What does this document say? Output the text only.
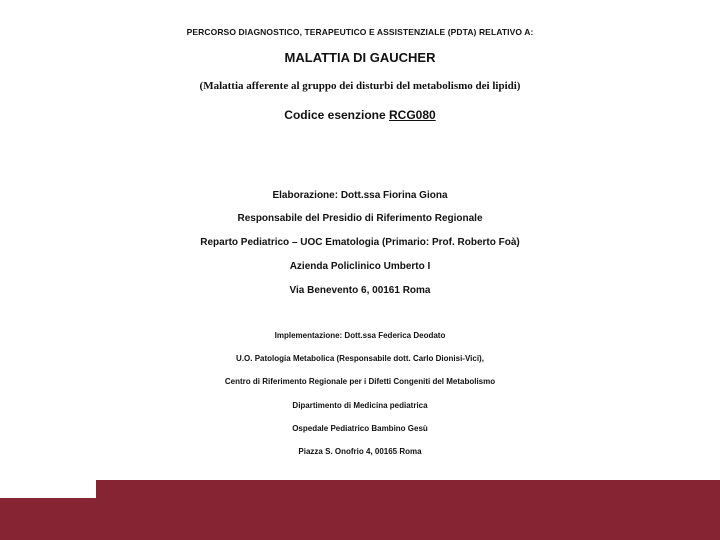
PERCORSO DIAGNOSTICO, TERAPEUTICO E ASSISTENZIALE (PDTA) RELATIVO A:
MALATTIA DI GAUCHER
(Malattia afferente al gruppo dei disturbi del metabolismo dei lipidi)
Codice esenzione RCG080
Elaborazione: Dott.ssa Fiorina Giona
Responsabile del Presidio di Riferimento Regionale
Reparto Pediatrico – UOC Ematologia (Primario: Prof. Roberto Foà)
Azienda Policlinico Umberto I
Via Benevento 6, 00161 Roma
Implementazione: Dott.ssa Federica Deodato
U.O. Patologia Metabolica (Responsabile dott. Carlo Dionisi-Vici),
Centro di Riferimento Regionale per i Difetti Congeniti del Metabolismo
Dipartimento di Medicina pediatrica
Ospedale Pediatrico Bambino Gesù
Piazza S. Onofrio 4, 00165 Roma
